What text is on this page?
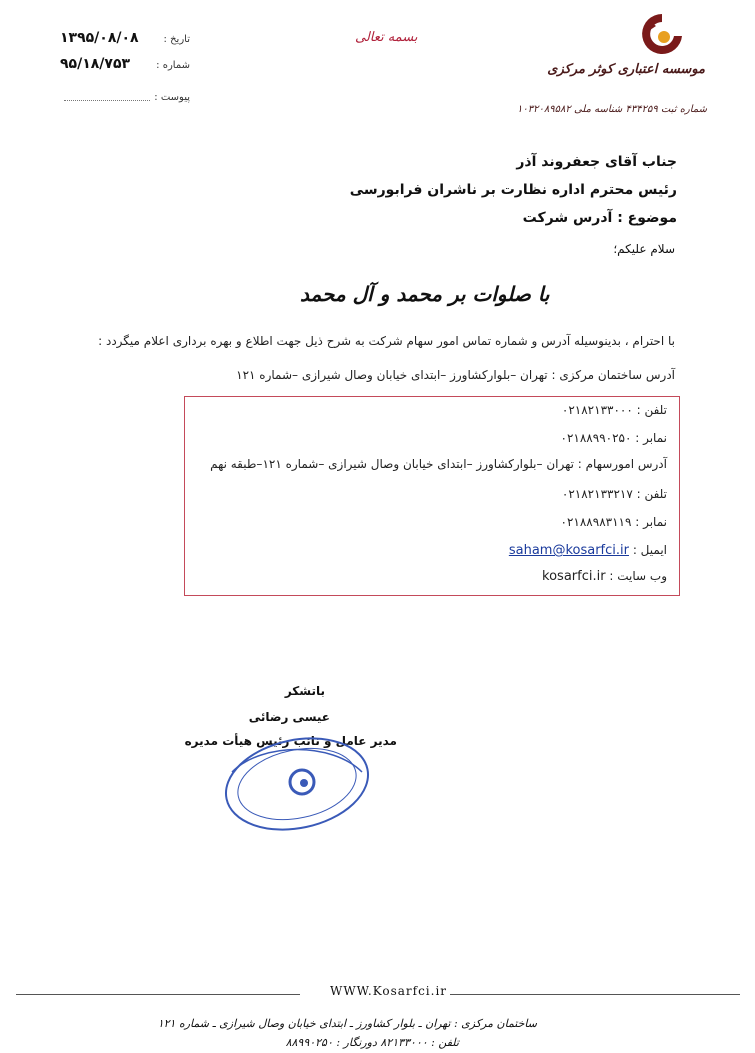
۱۳۹۵/۰۸/۰۸ تاریخ :
۹۵/۱۸/۷۵۳	شماره :
پیوست :
بسمه تعالی
موسسه اعتباری کوثر مرکزی
شماره ثبت ۴۳۴۲۵۹ شناسه ملی ۱۰۳۲۰۸۹۵۸۲
جناب آقای جعفروند آذر
رئیس محترم اداره نظارت بر ناشران فرابورسی
موضوع : آدرس شرکت
سلام علیکم؛
با صلوات بر محمد و آل محمد
با احترام ، بدینوسیله آدرس و شماره تماس امور سهام شرکت به شرح ذیل جهت اطلاع و بهره برداری اعلام میگردد :
آدرس ساختمان مرکزی : تهران –بلوارکشاورز –ابتدای خیابان وصال شیرازی –شماره ۱۲۱
تلفن : ۰۲۱۸۲۱۳۳۰۰۰
نمابر : ۰۲۱۸۸۹۹۰۲۵۰
آدرس امورسهام : تهران –بلوارکشاورز –ابتدای خیابان وصال شیرازی –شماره ۱۲۱–طبقه نهم
تلفن : ۰۲۱۸۲۱۳۳۲۱۷
نمابر : ۰۲۱۸۸۹۸۳۱۱۹
ایمیل : saham@kosarfci.ir
وب سایت : kosarfci.ir
باتشکر
عیسی رضائی
مدیر عامل و نائب رئیس هیأت مدیره
WWW.Kosarfci.ir
ساختمان مرکزی : تهران ـ بلوار کشاورز ـ ابتدای خیابان وصال شیرازی ـ شماره ۱۲۱
تلفن : ۸۲۱۳۳۰۰۰ دورنگار : ۸۸۹۹۰۲۵۰
